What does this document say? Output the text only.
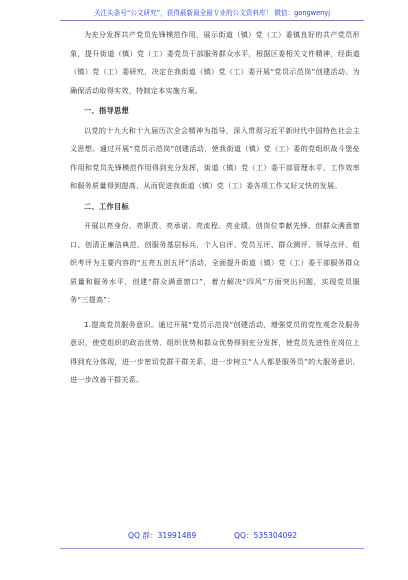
关注头条号“公文研究”，获得最新最全最专业的公文资料库！ 微信：gongwenyj

为充分发挥共产党员先锋模范作用，展示街道（镇）党（工）委镇良好的共产党员形象，提升街道（镇）党（工）委党员干部服务群众水平，根据区委相关文件精神，经街道（镇）党（工）委研究，决定在我街道（镇）党（工）委开展“党员示范岗”创建活动。为确保活动取得实效，特制定本实施方案。

一、指导思想

以党的十九大和十九届历次全会精神为指导，深入贯彻习近平新时代中国特色社会主义思想。通过开展“党员示范岗”创建活动，使我街道（镇）党（工）委的党组织战斗堡垒作用和党员先锋模范作用得到充分发挥，街道（镇）党（工）委干部管理水平、工作效率和服务质量得到提高，从而促进我街道（镇）党（工）委各项工作又好又快的发展。

二、工作目标

开展以亮身份、亮职责、亮承诺、亮流程、亮业绩，创岗位奉献先锋、创群众满意窗口、创清正廉洁典范、创服务基层标兵，个人自评、党员互评、群众测评、领导点评、组织考评为主要内容的“五亮五创五评”活动，全面提升街道（镇）党（工）委干部服务群众质量和服务水平，创建“群众满意窗口”，着力解决“四风”方面突出问题，实现党员服务“三提高”：

1.提高党员服务意识。通过开展“党员示范岗”创建活动，增强党员的党性观念及服务意识，使党组织的政治优势、组织优势和群众优势得到充分发挥，使党员先进性在岗位上得到充分体现，进一步密切党群干群关系，进一步树立“人人都是服务员”的大服务意识，进一步改善干群关系。

QQ 群：31991489	QQ：535304092
